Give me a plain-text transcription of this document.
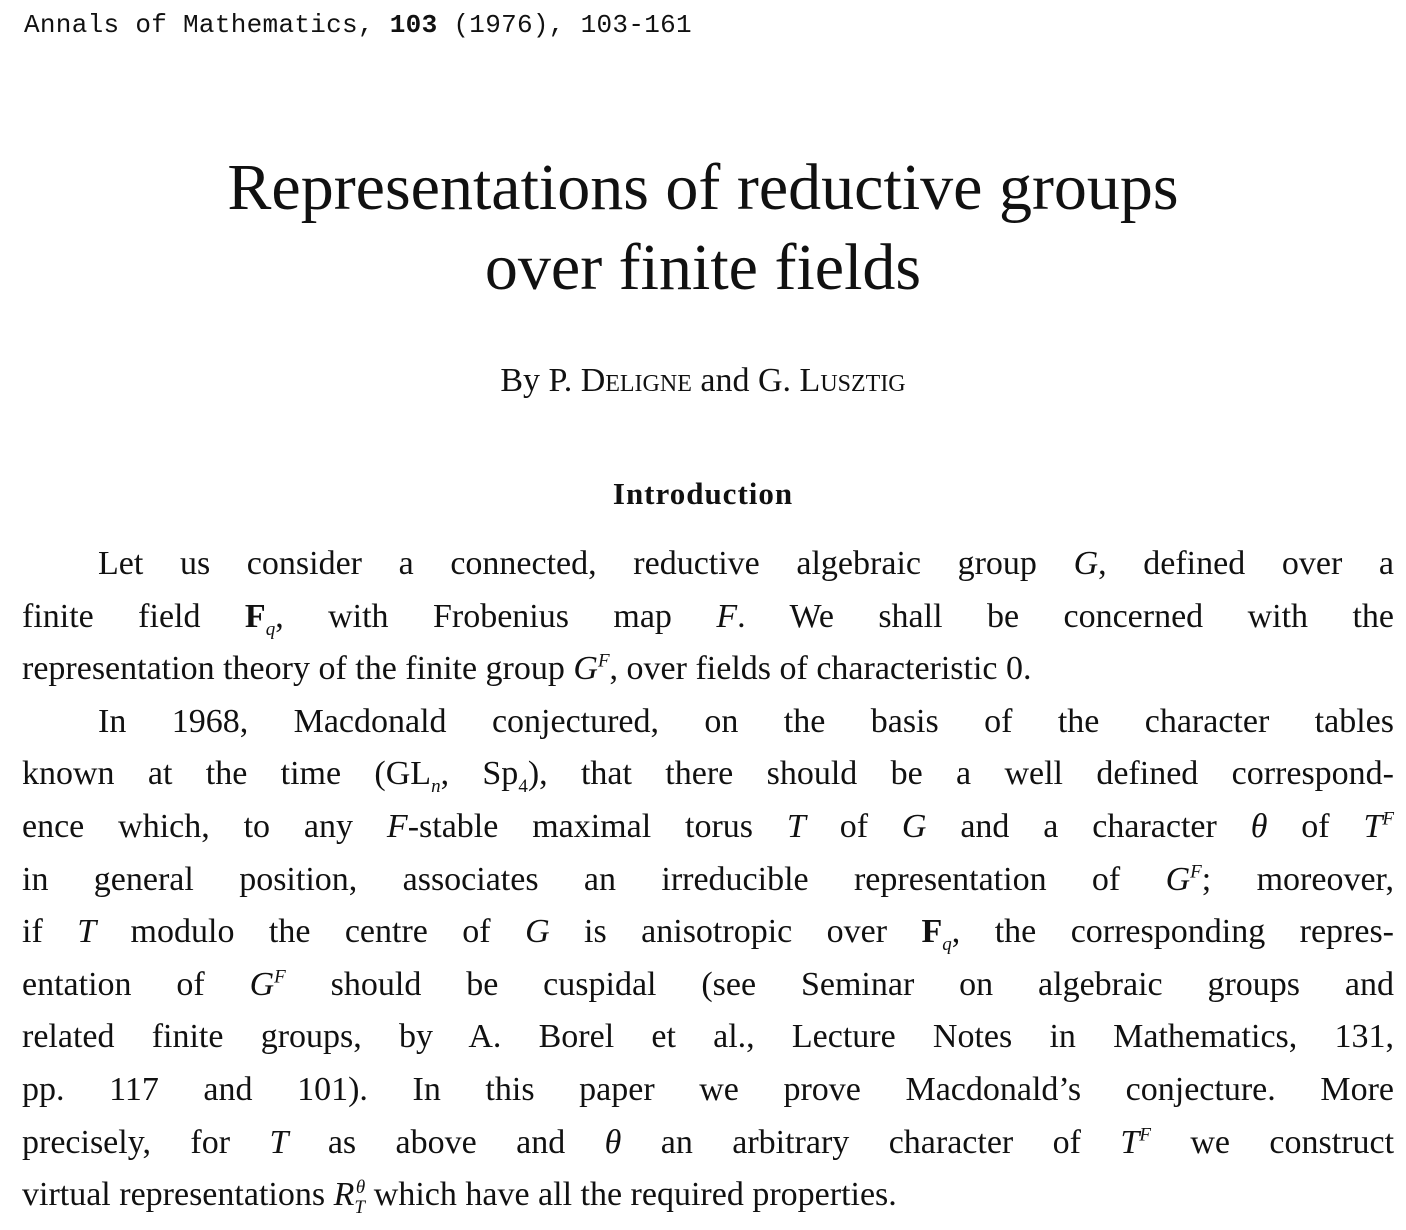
Annals of Mathematics, 103 (1976), 103-161
Representations of reductive groups
over finite fields
By P. Deligne and G. Lusztig
Introduction
Let us consider a connected, reductive algebraic group G, defined over a
finite field $F_q$, with Frobenius map F. We shall be concerned with the
representation theory of the finite group $G^F$, over fields of characteristic 0.
In 1968, Macdonald conjectured, on the basis of the character tables
known at the time ($GL_n$, $Sp_4$), that there should be a well defined correspond-
ence which, to any F-stable maximal torus T of G and a character θ of $T^F$
in general position, associates an irreducible representation of $G^F$; moreover,
if T modulo the centre of G is anisotropic over $F_q$, the corresponding repres-
entation of $G^F$ should be cuspidal (see Seminar on algebraic groups and
related finite groups, by A. Borel et al., Lecture Notes in Mathematics, 131,
pp. 117 and 101). In this paper we prove Macdonald’s conjecture. More
precisely, for T as above and θ an arbitrary character of $T^F$ we construct
virtual representations $R_T^\theta$ which have all the required properties.
